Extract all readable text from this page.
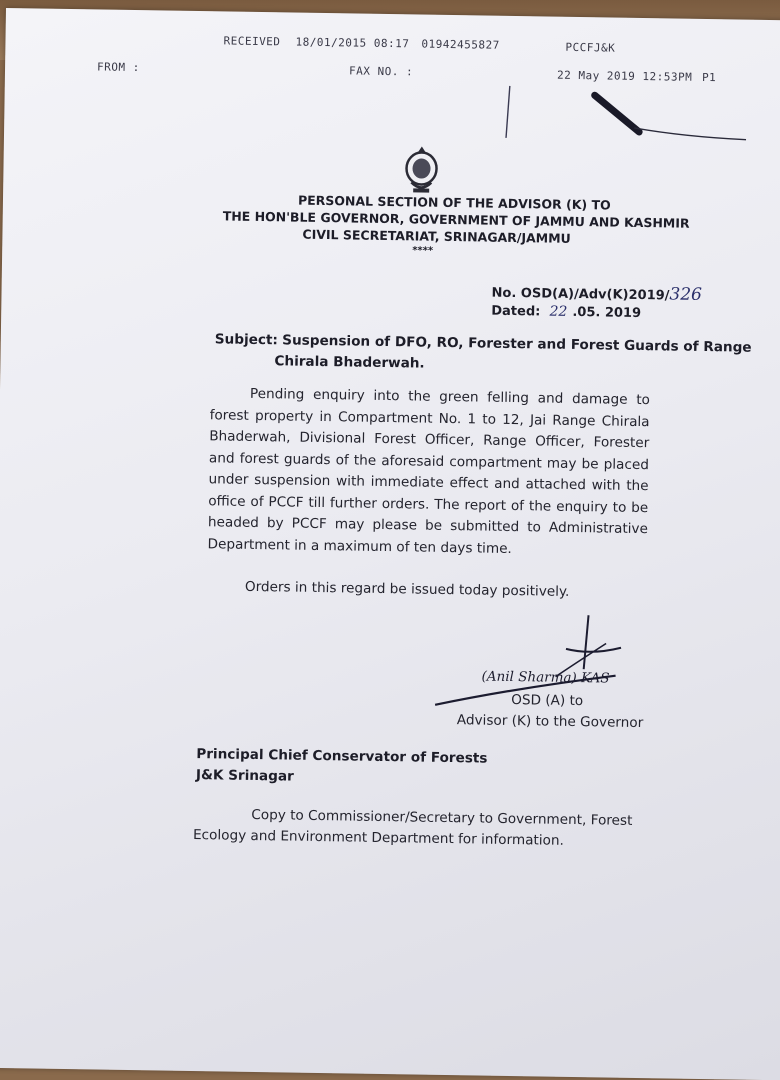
RECEIVED 18/01/2015 08:17 01942455827	PCCFJ&K
FROM :	FAX NO. :	22 May 2019 12:53PM P1
PERSONAL SECTION OF THE ADVISOR (K) TO
THE HON'BLE GOVERNOR, GOVERNMENT OF JAMMU AND KASHMIR
CIVIL SECRETARIAT, SRINAGAR/JAMMU
****
No. OSD(A)/Adv(K)2019/326
Dated: 22 .05. 2019
Subject: Suspension of DFO, RO, Forester and Forest Guards of Range
Chirala Bhaderwah.
Pending enquiry into the green felling and damage to forest property in Compartment No. 1 to 12, Jai Range Chirala Bhaderwah, Divisional Forest Officer, Range Officer, Forester and forest guards of the aforesaid compartment may be placed under suspension with immediate effect and attached with the office of PCCF till further orders. The report of the enquiry to be headed by PCCF may please be submitted to Administrative Department in a maximum of ten days time.
Orders in this regard be issued today positively.
(Anil Sharma) KAS
OSD (A) to
Advisor (K) to the Governor
Principal Chief Conservator of Forests
J&K Srinagar
Copy to Commissioner/Secretary to Government, Forest
Ecology and Environment Department for information.
